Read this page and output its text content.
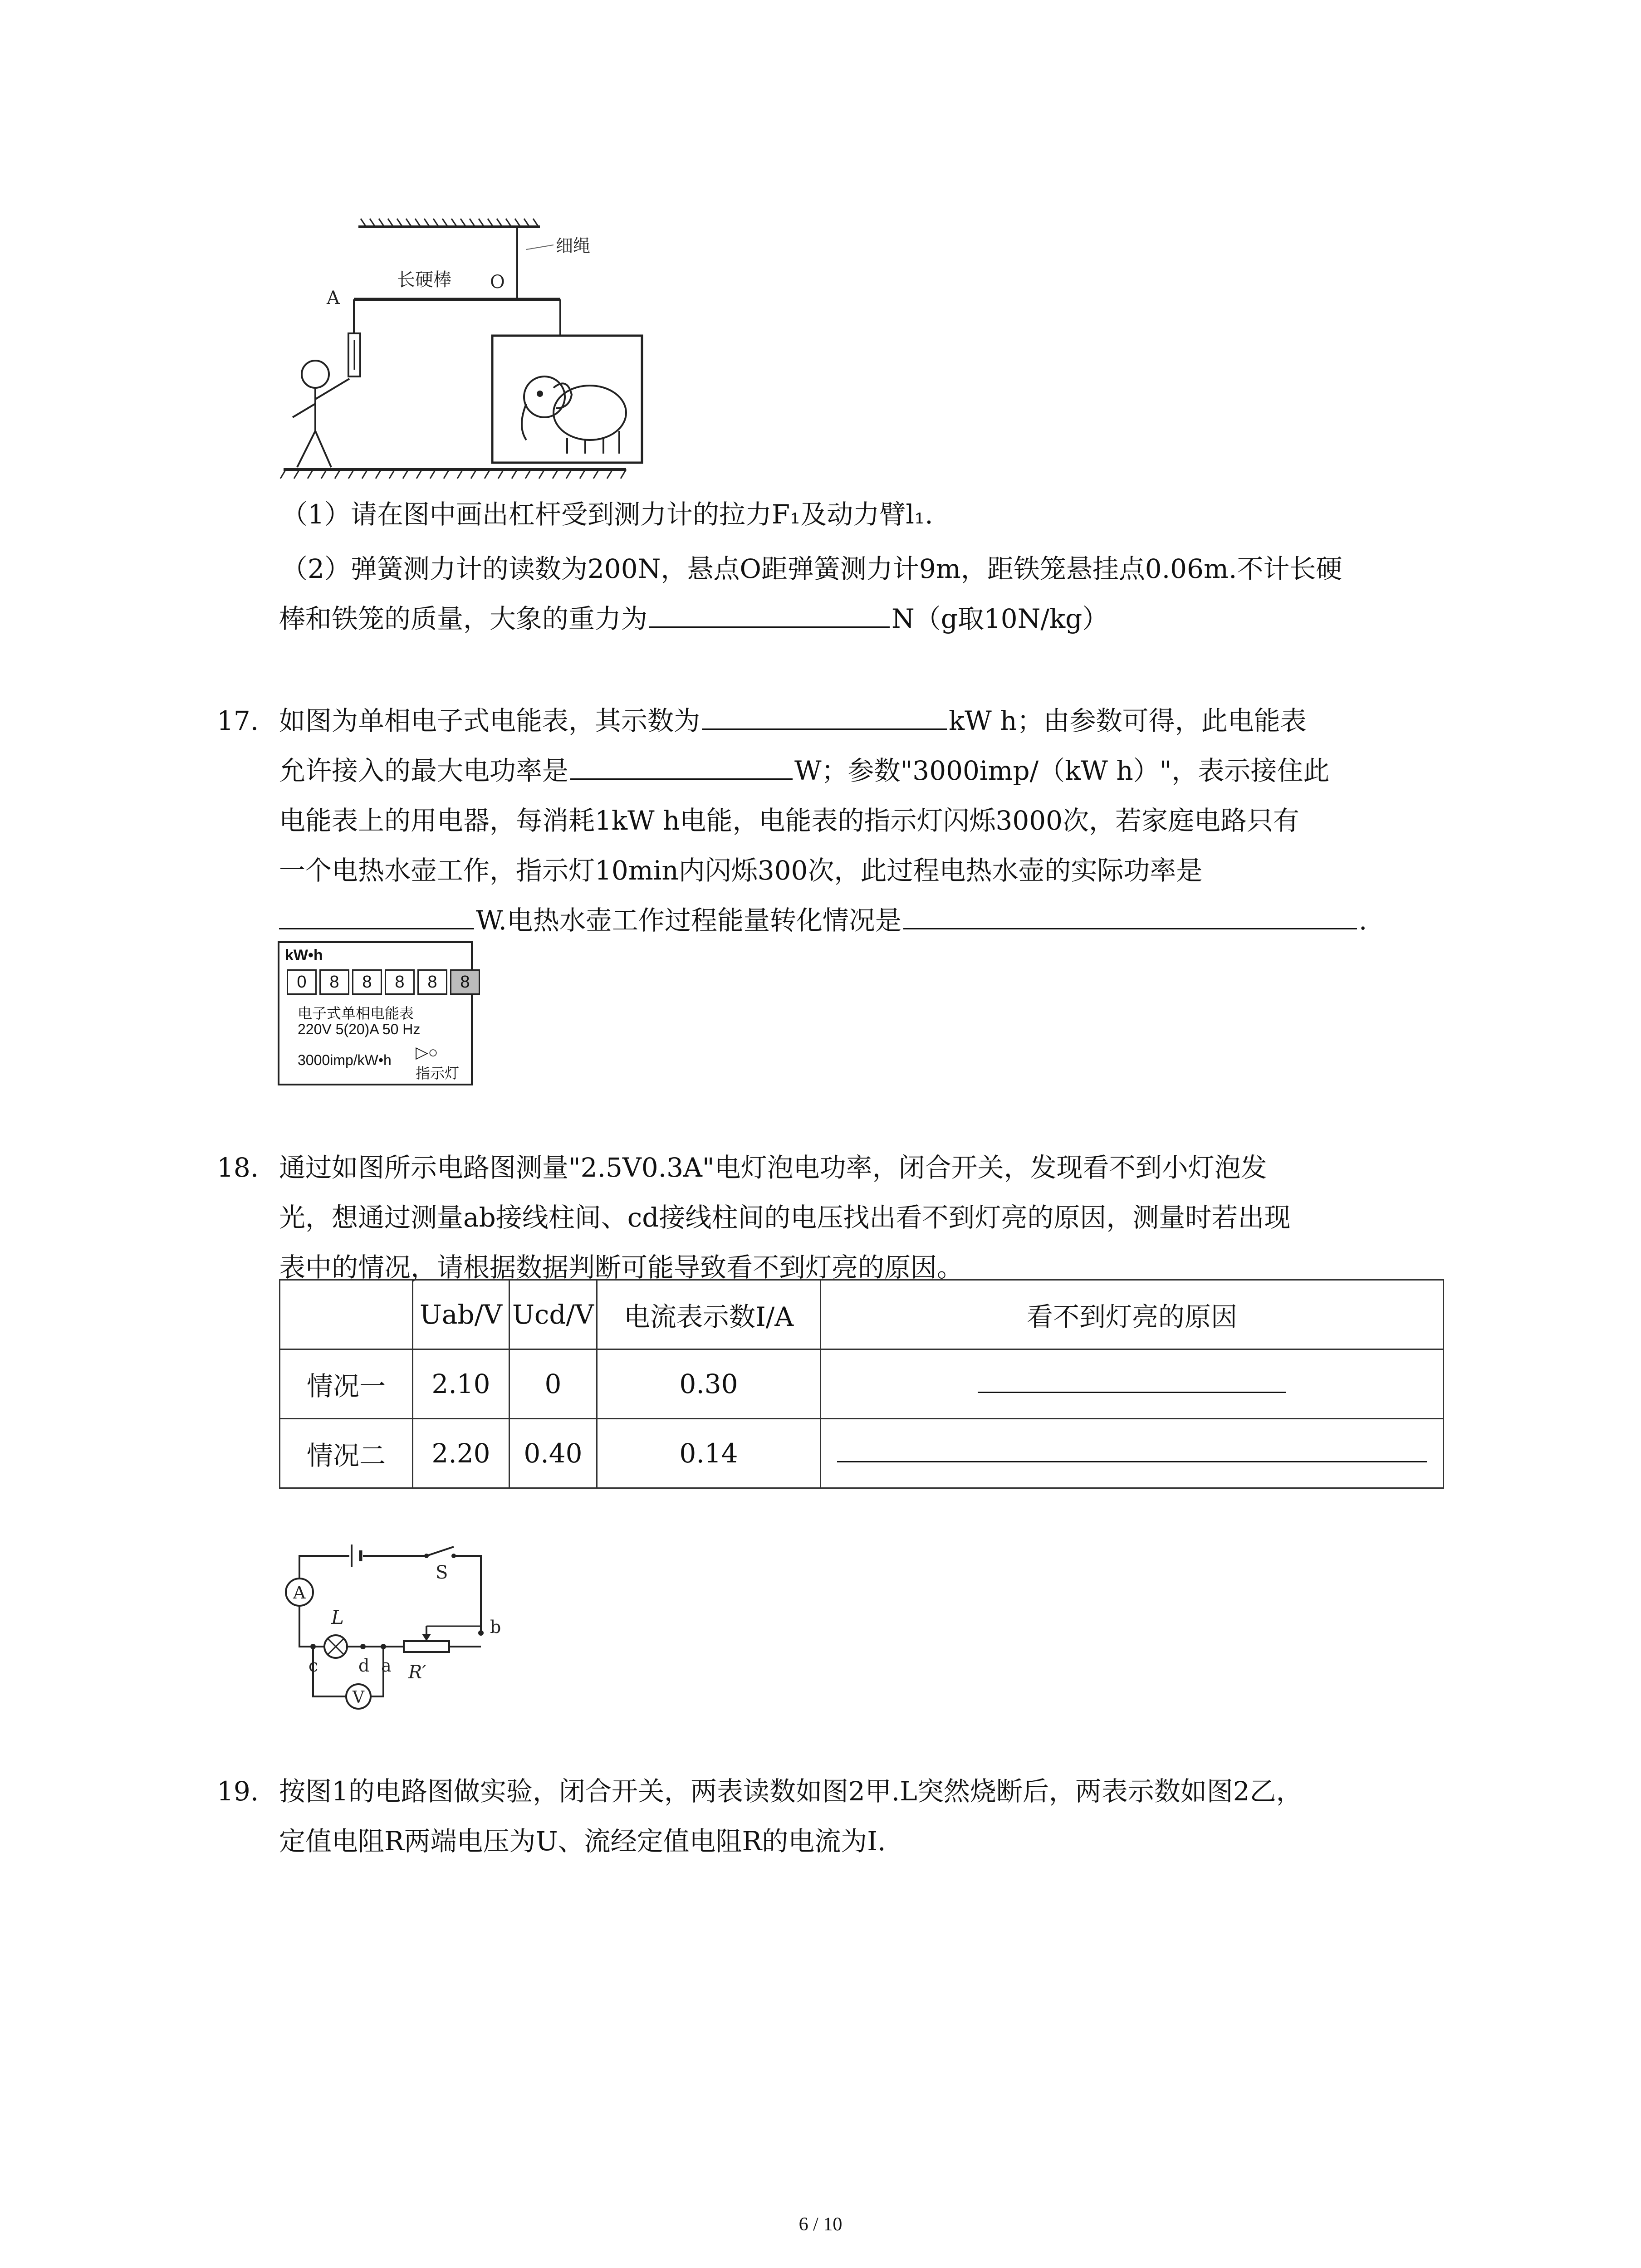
细绳
长硬棒 O
A
（1）请在图中画出杠杆受到测力计的拉力F₁及动力臂l₁.
（2）弹簧测力计的读数为200N，悬点O距弹簧测力计9m，距铁笼悬挂点0.06m.不计长硬
棒和铁笼的质量，大象的重力为	N（g取10N/kg）
17. 如图为单相电子式电能表，其示数为	kW h；由参数可得，此电能表
允许接入的最大电功率是	W；参数"3000imp/（kW h）"，表示接住此
电能表上的用电器，每消耗1kW h电能，电能表的指示灯闪烁3000次，若家庭电路只有
一个电热水壶工作，指示灯10min内闪烁300次，此过程电热水壶的实际功率是
W.电热水壶工作过程能量转化情况是	.
kW•h
0	8	8	8	8	8
电子式单相电能表
220V 5(20)A 50 Hz
3000imp/kW•h ▷○
指示灯
18. 通过如图所示电路图测量"2.5V0.3A"电灯泡电功率，闭合开关，发现看不到小灯泡发
光，想通过测量ab接线柱间、cd接线柱间的电压找出看不到灯亮的原因，测量时若出现
表中的情况，请根据数据判断可能导致看不到灯亮的原因。
	Uab/V	Ucd/V	电流表示数I/A	看不到灯亮的原因
情况一	2.10	0	0.30	
情况二	2.20	0.40	0.14	
S
A
L
c d a
b
R′
V
19. 按图1的电路图做实验，闭合开关，两表读数如图2甲.L突然烧断后，两表示数如图2乙，
定值电阻R两端电压为U、流经定值电阻R的电流为I.
6 / 10
